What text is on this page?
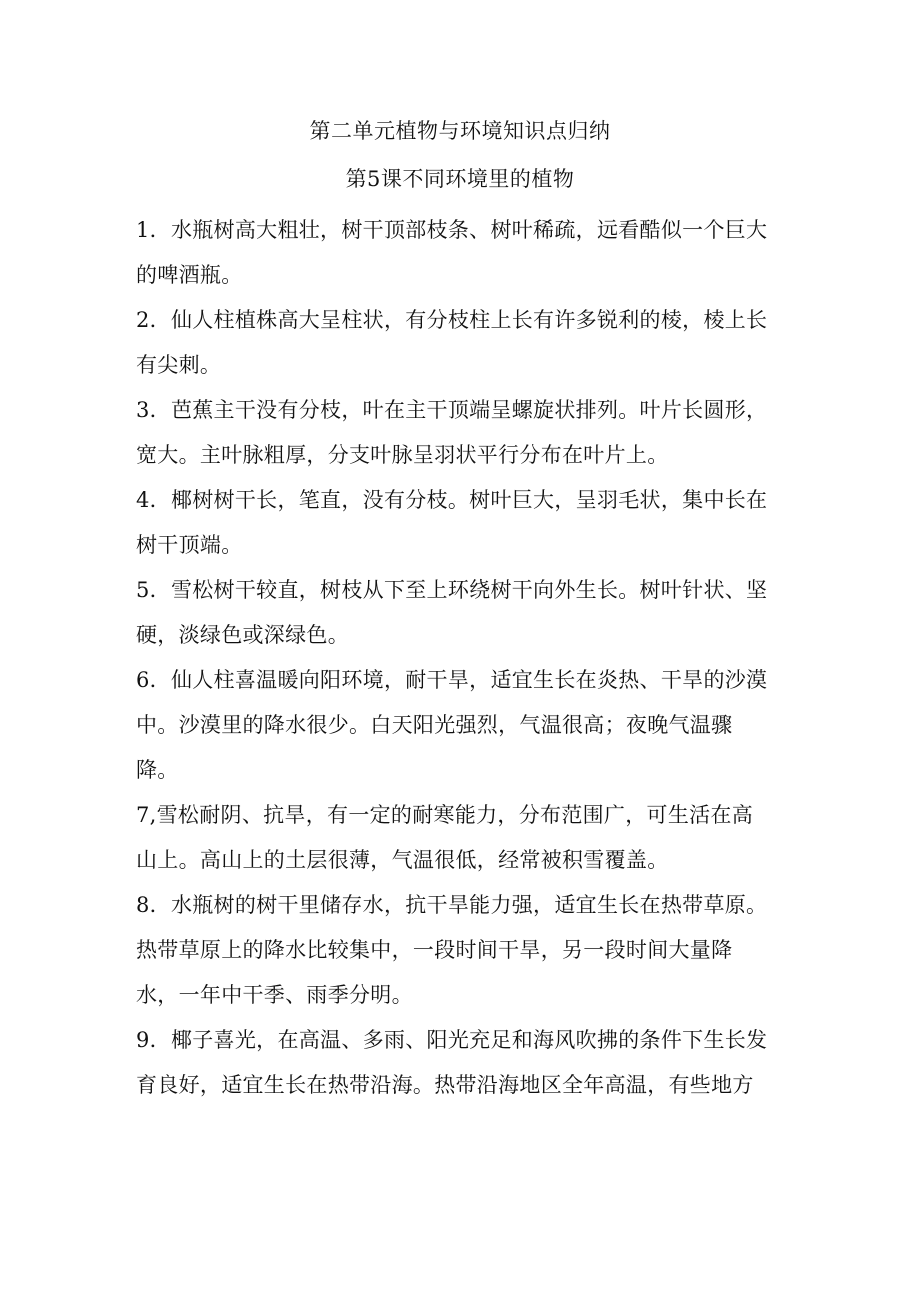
第二单元植物与环境知识点归纳
第5课不同环境里的植物

1．水瓶树高大粗壮，树干顶部枝条、树叶稀疏，远看酷似一个巨大

的啤酒瓶。

2．仙人柱植株高大呈柱状，有分枝柱上长有许多锐利的棱，棱上长

有尖刺。

3．芭蕉主干没有分枝，叶在主干顶端呈螺旋状排列。叶片长圆形，

宽大。主叶脉粗厚，分支叶脉呈羽状平行分布在叶片上。

4．椰树树干长，笔直，没有分枝。树叶巨大，呈羽毛状，集中长在

树干顶端。

5．雪松树干较直，树枝从下至上环绕树干向外生长。树叶针状、坚

硬，淡绿色或深绿色。

6．仙人柱喜温暖向阳环境，耐干旱，适宜生长在炎热、干旱的沙漠

中。沙漠里的降水很少。白天阳光强烈，气温很高；夜晚气温骤

降。

7,雪松耐阴、抗旱，有一定的耐寒能力，分布范围广，可生活在高

山上。高山上的土层很薄，气温很低，经常被积雪覆盖。

8．水瓶树的树干里储存水，抗干旱能力强，适宜生长在热带草原。

热带草原上的降水比较集中，一段时间干旱，另一段时间大量降

水，一年中干季、雨季分明。

9．椰子喜光，在高温、多雨、阳光充足和海风吹拂的条件下生长发

育良好，适宜生长在热带沿海。热带沿海地区全年高温，有些地方
